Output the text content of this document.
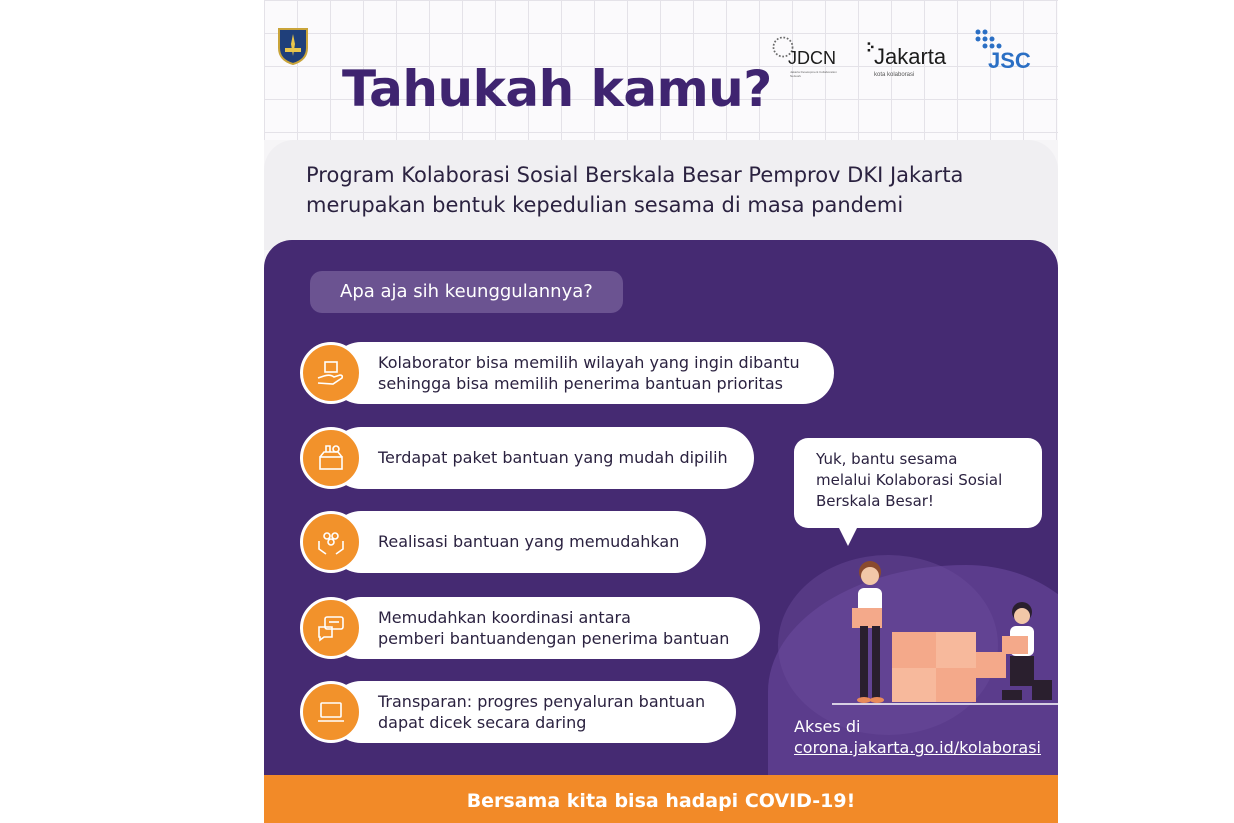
Tahukah kamu?
JDCN
Jakarta Development Collaboration Network
Jakarta
kota kolaborasi
JSC

Program Kolaborasi Sosial Berskala Besar Pemprov DKI Jakarta
merupakan bentuk kepedulian sesama di masa pandemi

Apa aja sih keunggulannya?
Kolaborator bisa memilih wilayah yang ingin dibantu
sehingga bisa memilih penerima bantuan prioritas
Terdapat paket bantuan yang mudah dipilih
Realisasi bantuan yang memudahkan
Memudahkan koordinasi antara
pemberi bantuandengan penerima bantuan
Transparan: progres penyaluran bantuan
dapat dicek secara daring

Yuk, bantu sesama
melalui Kolaborasi Sosial
Berskala Besar!

Akses di
corona.jakarta.go.id/kolaborasi
Bersama kita bisa hadapi COVID-19!
